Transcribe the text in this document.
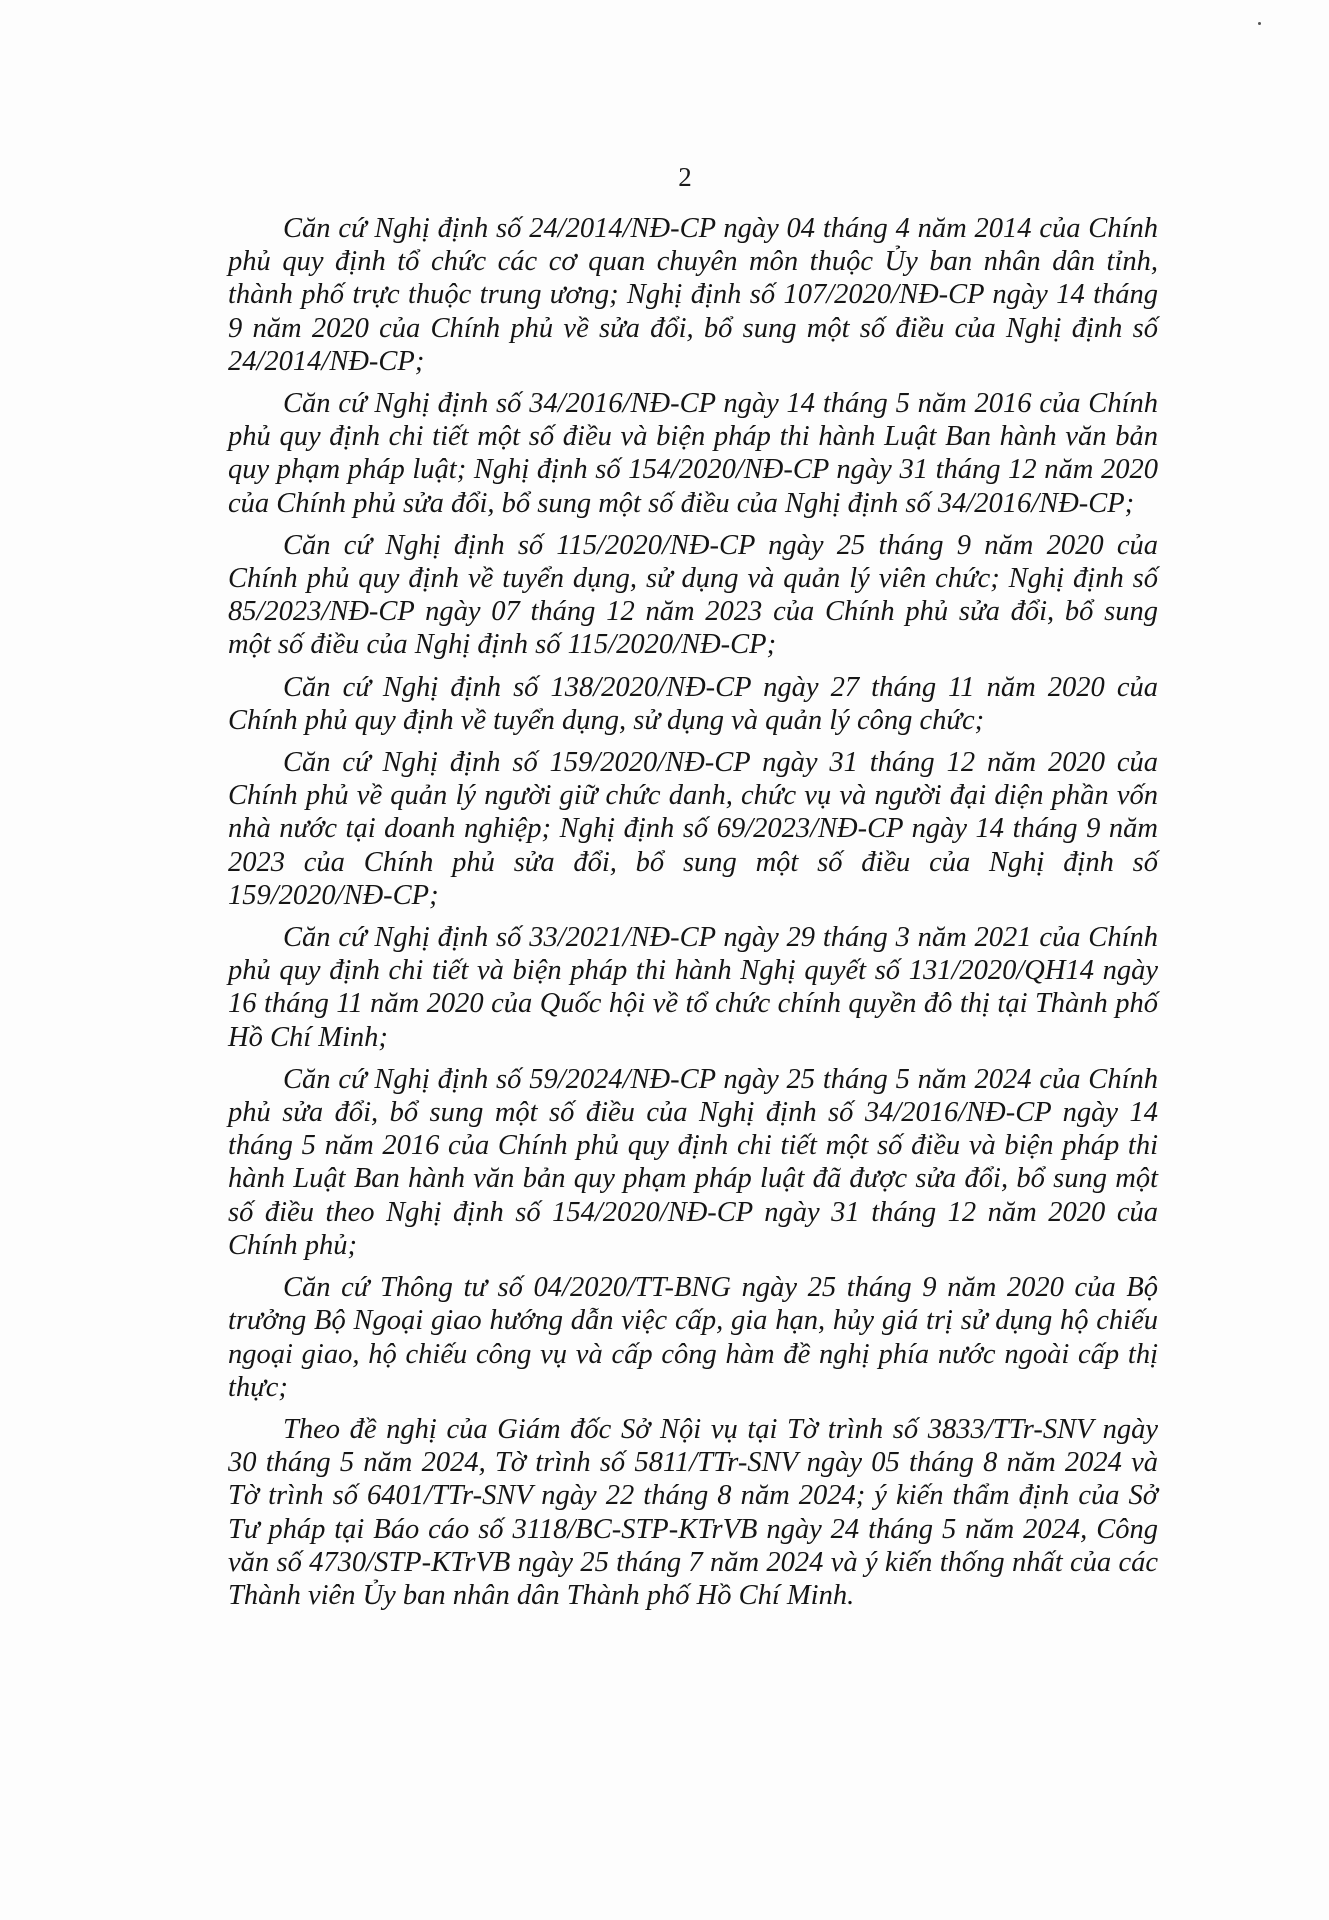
2

Căn cứ Nghị định số 24/2014/NĐ-CP ngày 04 tháng 4 năm 2014 của Chính phủ quy định tổ chức các cơ quan chuyên môn thuộc Ủy ban nhân dân tỉnh, thành phố trực thuộc trung ương; Nghị định số 107/2020/NĐ-CP ngày 14 tháng 9 năm 2020 của Chính phủ về sửa đổi, bổ sung một số điều của Nghị định số 24/2014/NĐ-CP;

Căn cứ Nghị định số 34/2016/NĐ-CP ngày 14 tháng 5 năm 2016 của Chính phủ quy định chi tiết một số điều và biện pháp thi hành Luật Ban hành văn bản quy phạm pháp luật; Nghị định số 154/2020/NĐ-CP ngày 31 tháng 12 năm 2020 của Chính phủ sửa đổi, bổ sung một số điều của Nghị định số 34/2016/NĐ-CP;

Căn cứ Nghị định số 115/2020/NĐ-CP ngày 25 tháng 9 năm 2020 của Chính phủ quy định về tuyển dụng, sử dụng và quản lý viên chức; Nghị định số 85/2023/NĐ-CP ngày 07 tháng 12 năm 2023 của Chính phủ sửa đổi, bổ sung một số điều của Nghị định số 115/2020/NĐ-CP;

Căn cứ Nghị định số 138/2020/NĐ-CP ngày 27 tháng 11 năm 2020 của Chính phủ quy định về tuyển dụng, sử dụng và quản lý công chức;

Căn cứ Nghị định số 159/2020/NĐ-CP ngày 31 tháng 12 năm 2020 của Chính phủ về quản lý người giữ chức danh, chức vụ và người đại diện phần vốn nhà nước tại doanh nghiệp; Nghị định số 69/2023/NĐ-CP ngày 14 tháng 9 năm 2023 của Chính phủ sửa đổi, bổ sung một số điều của Nghị định số 159/2020/NĐ-CP;

Căn cứ Nghị định số 33/2021/NĐ-CP ngày 29 tháng 3 năm 2021 của Chính phủ quy định chi tiết và biện pháp thi hành Nghị quyết số 131/2020/QH14 ngày 16 tháng 11 năm 2020 của Quốc hội về tổ chức chính quyền đô thị tại Thành phố Hồ Chí Minh;

Căn cứ Nghị định số 59/2024/NĐ-CP ngày 25 tháng 5 năm 2024 của Chính phủ sửa đổi, bổ sung một số điều của Nghị định số 34/2016/NĐ-CP ngày 14 tháng 5 năm 2016 của Chính phủ quy định chi tiết một số điều và biện pháp thi hành Luật Ban hành văn bản quy phạm pháp luật đã được sửa đổi, bổ sung một số điều theo Nghị định số 154/2020/NĐ-CP ngày 31 tháng 12 năm 2020 của Chính phủ;

Căn cứ Thông tư số 04/2020/TT-BNG ngày 25 tháng 9 năm 2020 của Bộ trưởng Bộ Ngoại giao hướng dẫn việc cấp, gia hạn, hủy giá trị sử dụng hộ chiếu ngoại giao, hộ chiếu công vụ và cấp công hàm đề nghị phía nước ngoài cấp thị thực;

Theo đề nghị của Giám đốc Sở Nội vụ tại Tờ trình số 3833/TTr-SNV ngày 30 tháng 5 năm 2024, Tờ trình số 5811/TTr-SNV ngày 05 tháng 8 năm 2024 và Tờ trình số 6401/TTr-SNV ngày 22 tháng 8 năm 2024; ý kiến thẩm định của Sở Tư pháp tại Báo cáo số 3118/BC-STP-KTrVB ngày 24 tháng 5 năm 2024, Công văn số 4730/STP-KTrVB ngày 25 tháng 7 năm 2024 và ý kiến thống nhất của các Thành viên Ủy ban nhân dân Thành phố Hồ Chí Minh.
